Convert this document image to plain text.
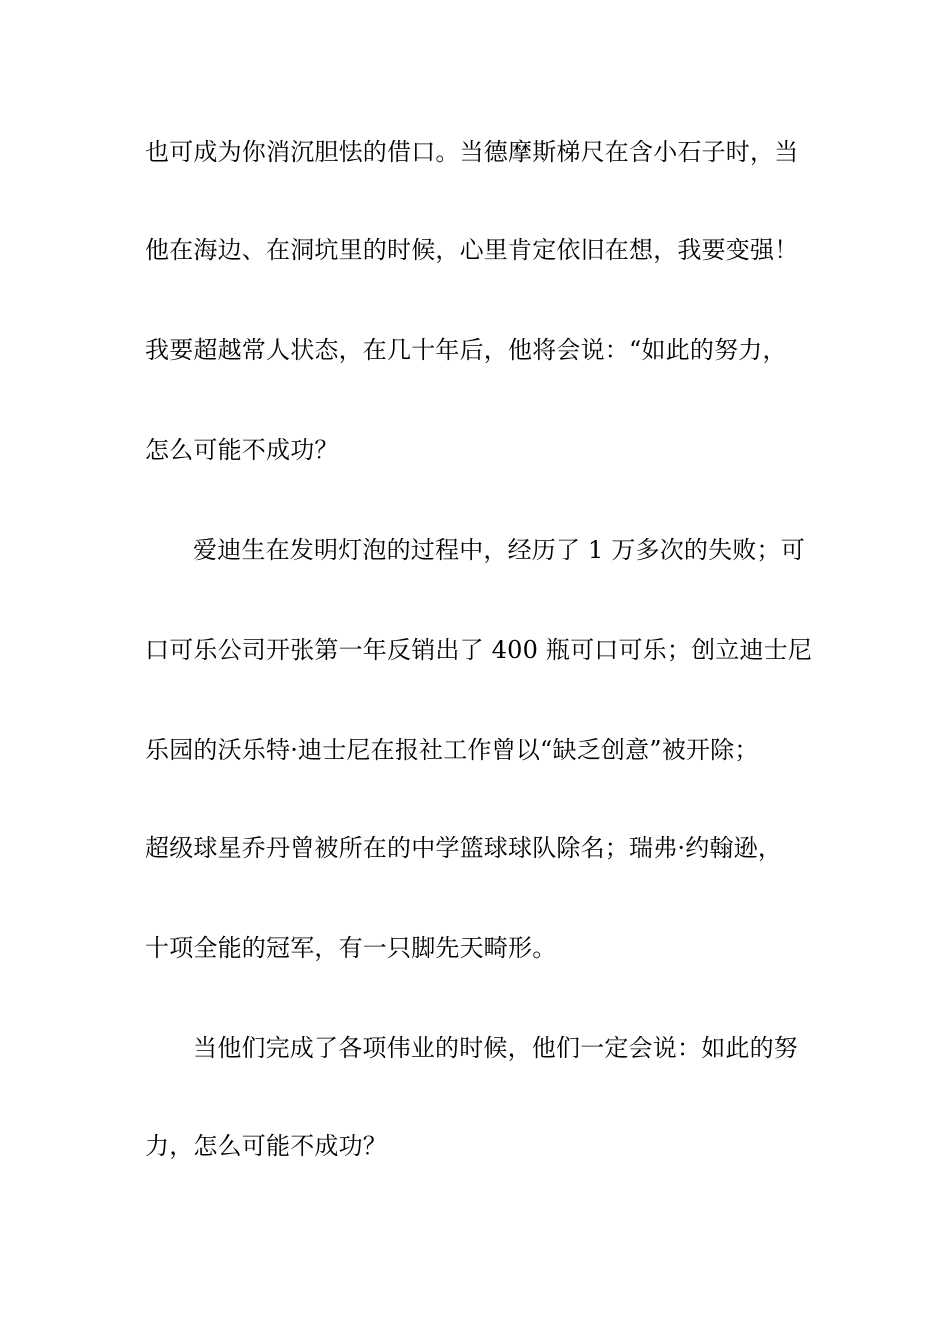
也可成为你消沉胆怯的借口。当德摩斯梯尺在含小石子时，当
他在海边、在洞坑里的时候，心里肯定依旧在想，我要变强！
我要超越常人状态，在几十年后，他将会说：“如此的努力，
怎么可能不成功？
爱迪生在发明灯泡的过程中，经历了 1 万多次的失败；可
口可乐公司开张第一年反销出了 400 瓶可口可乐；创立迪士尼
乐园的沃乐特·迪士尼在报社工作曾以“缺乏创意”被开除；
超级球星乔丹曾被所在的中学篮球球队除名；瑞弗·约翰逊，
十项全能的冠军，有一只脚先天畸形。
当他们完成了各项伟业的时候，他们一定会说：如此的努
力，怎么可能不成功？
